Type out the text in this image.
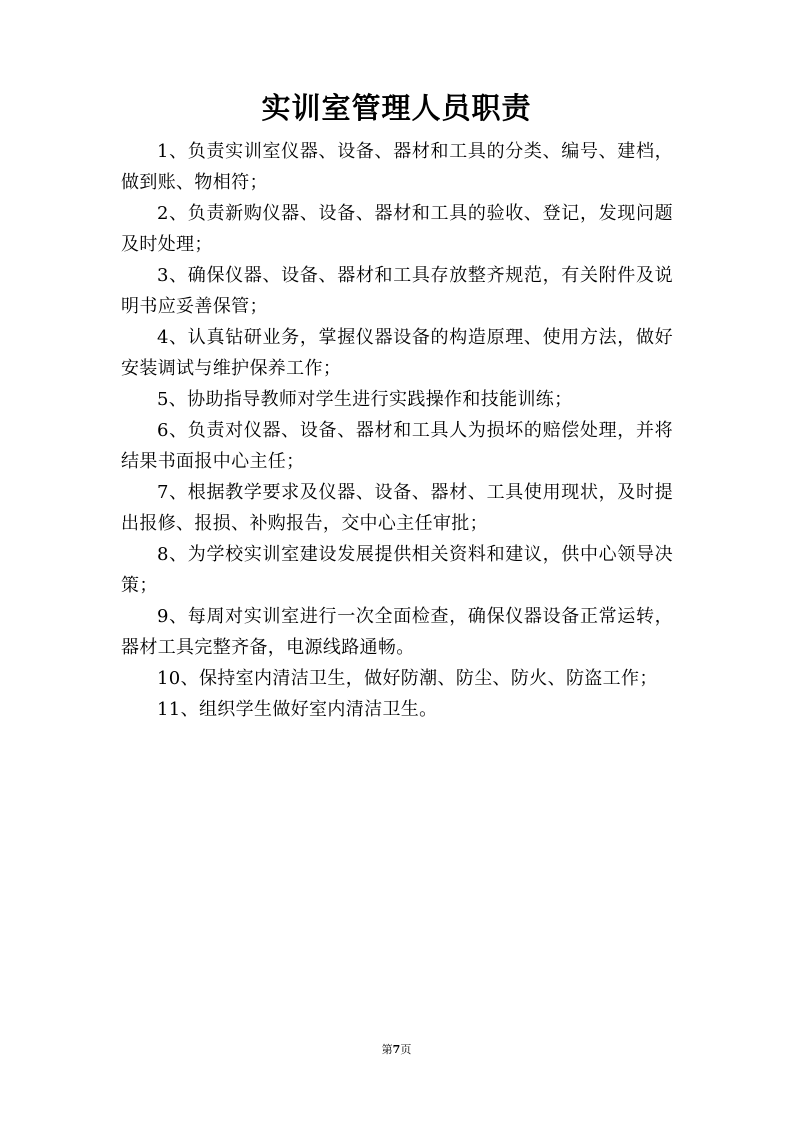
实训室管理人员职责

1、负责实训室仪器、设备、器材和工具的分类、编号、建档，做到账、物相符；

2、负责新购仪器、设备、器材和工具的验收、登记，发现问题及时处理；

3、确保仪器、设备、器材和工具存放整齐规范，有关附件及说明书应妥善保管；

4、认真钻研业务，掌握仪器设备的构造原理、使用方法，做好安装调试与维护保养工作；

5、协助指导教师对学生进行实践操作和技能训练；

6、负责对仪器、设备、器材和工具人为损坏的赔偿处理，并将结果书面报中心主任；

7、根据教学要求及仪器、设备、器材、工具使用现状，及时提出报修、报损、补购报告，交中心主任审批；

8、为学校实训室建设发展提供相关资料和建议，供中心领导决策；

9、每周对实训室进行一次全面检查，确保仪器设备正常运转，器材工具完整齐备，电源线路通畅。

10、保持室内清洁卫生，做好防潮、防尘、防火、防盗工作；

11、组织学生做好室内清洁卫生。

第7页
